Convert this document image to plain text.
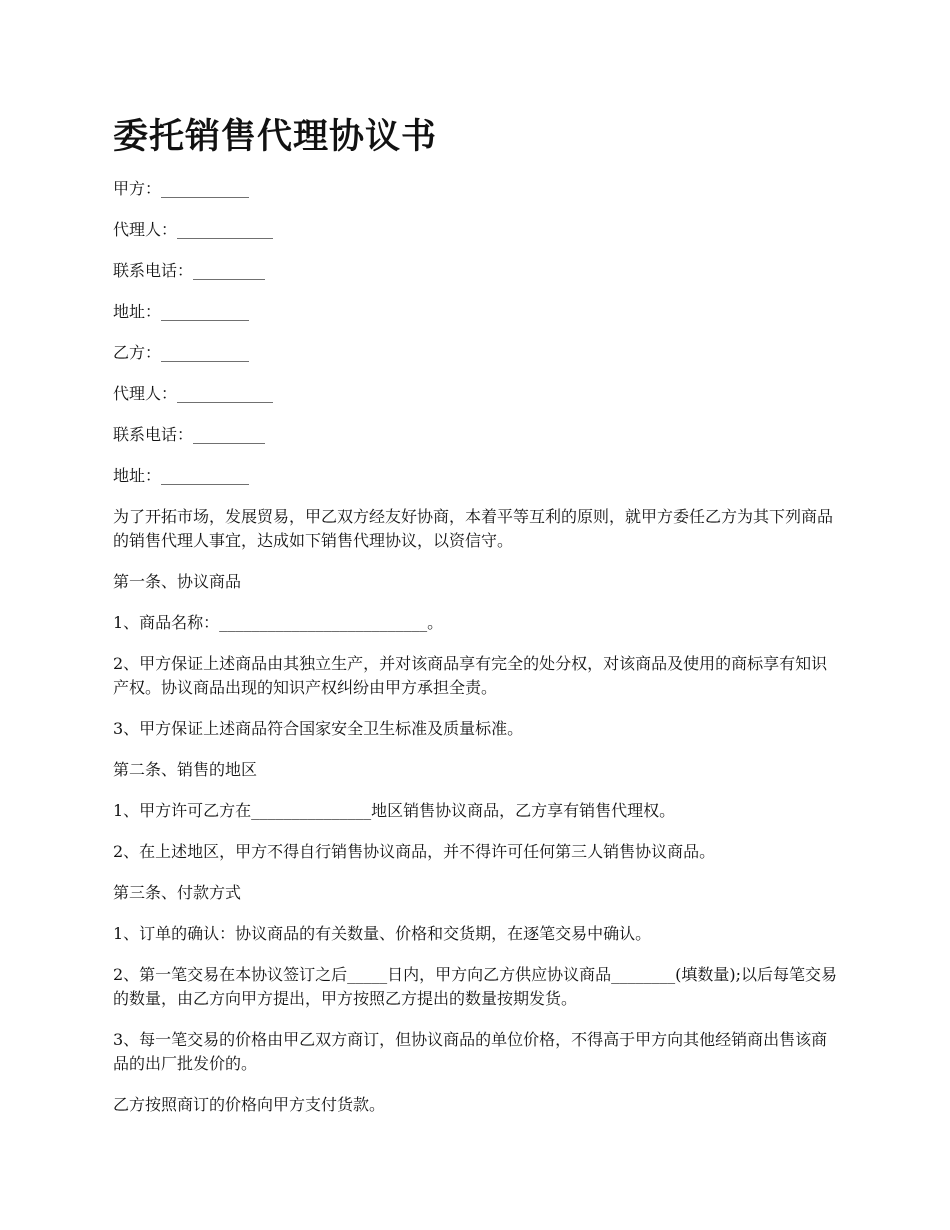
委托销售代理协议书

甲方：___________

代理人：____________

联系电话：_________

地址：___________

乙方：___________

代理人：____________

联系电话：_________

地址：___________

为了开拓市场，发展贸易，甲乙双方经友好协商，本着平等互利的原则，就甲方委任乙方为其下列商品的销售代理人事宜，达成如下销售代理协议，以资信守。

第一条、协议商品

1、商品名称：__________________________。

2、甲方保证上述商品由其独立生产，并对该商品享有完全的处分权，对该商品及使用的商标享有知识产权。协议商品出现的知识产权纠纷由甲方承担全责。

3、甲方保证上述商品符合国家安全卫生标准及质量标准。

第二条、销售的地区

1、甲方许可乙方在_______________地区销售协议商品，乙方享有销售代理权。

2、在上述地区，甲方不得自行销售协议商品，并不得许可任何第三人销售协议商品。

第三条、付款方式

1、订单的确认：协议商品的有关数量、价格和交货期，在逐笔交易中确认。

2、第一笔交易在本协议签订之后_____日内，甲方向乙方供应协议商品________(填数量);以后每笔交易的数量，由乙方向甲方提出，甲方按照乙方提出的数量按期发货。

3、每一笔交易的价格由甲乙双方商订，但协议商品的单位价格，不得高于甲方向其他经销商出售该商品的出厂批发价的。

乙方按照商订的价格向甲方支付货款。
